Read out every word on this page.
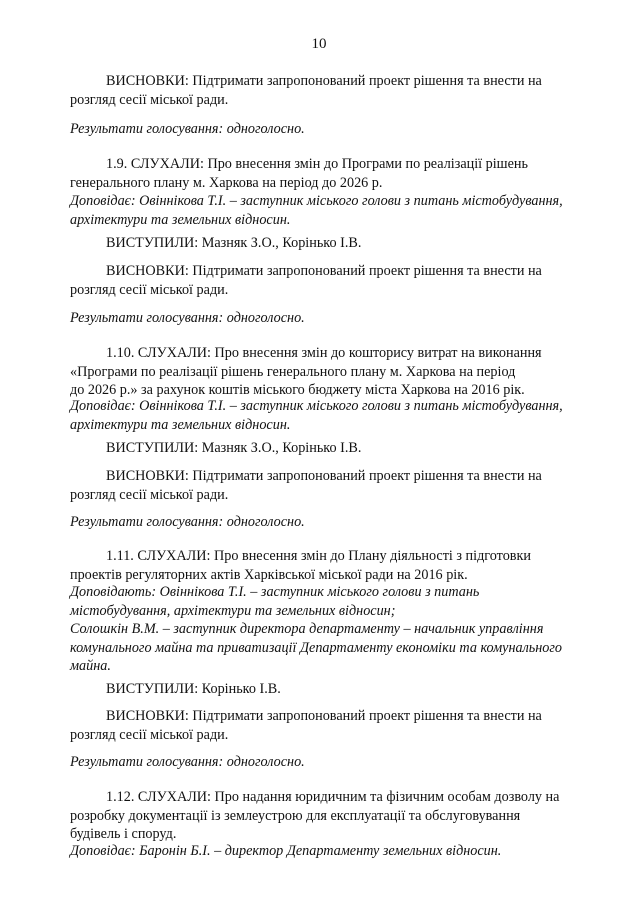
10
ВИСНОВКИ: Підтримати запропонований проект рішення та внести на
розгляд сесії міської ради.
Результати голосування: одноголосно.
1.9. СЛУХАЛИ: Про внесення змін до Програми по реалізації рішень
генерального плану м. Харкова на період до 2026 р.
Доповідає: Овіннікова Т.І. – заступник міського голови з питань містобудування,
архітектури та земельних відносин.
ВИСТУПИЛИ: Мазняк З.О., Корінько І.В.
ВИСНОВКИ: Підтримати запропонований проект рішення та внести на
розгляд сесії міської ради.
Результати голосування: одноголосно.
1.10. СЛУХАЛИ: Про внесення змін до кошторису витрат на виконання
«Програми по реалізації рішень генерального плану м. Харкова на період
до 2026 р.» за рахунок коштів міського бюджету міста Харкова на 2016 рік.
Доповідає: Овіннікова Т.І. – заступник міського голови з питань містобудування,
архітектури та земельних відносин.
ВИСТУПИЛИ: Мазняк З.О., Корінько І.В.
ВИСНОВКИ: Підтримати запропонований проект рішення та внести на
розгляд сесії міської ради.
Результати голосування: одноголосно.
1.11. СЛУХАЛИ: Про внесення змін до Плану діяльності з підготовки
проектів регуляторних актів Харківської міської ради на 2016 рік.
Доповідають: Овіннікова Т.І. – заступник міського голови з питань
містобудування, архітектури та земельних відносин;
Солошкін В.М. – заступник директора департаменту – начальник управління
комунального майна та приватизації Департаменту економіки та комунального
майна.
ВИСТУПИЛИ: Корінько І.В.
ВИСНОВКИ: Підтримати запропонований проект рішення та внести на
розгляд сесії міської ради.
Результати голосування: одноголосно.
1.12. СЛУХАЛИ: Про надання юридичним та фізичним особам дозволу на
розробку документації із землеустрою для експлуатації та обслуговування
будівель і споруд.
Доповідає: Баронін Б.І. – директор Департаменту земельних відносин.
